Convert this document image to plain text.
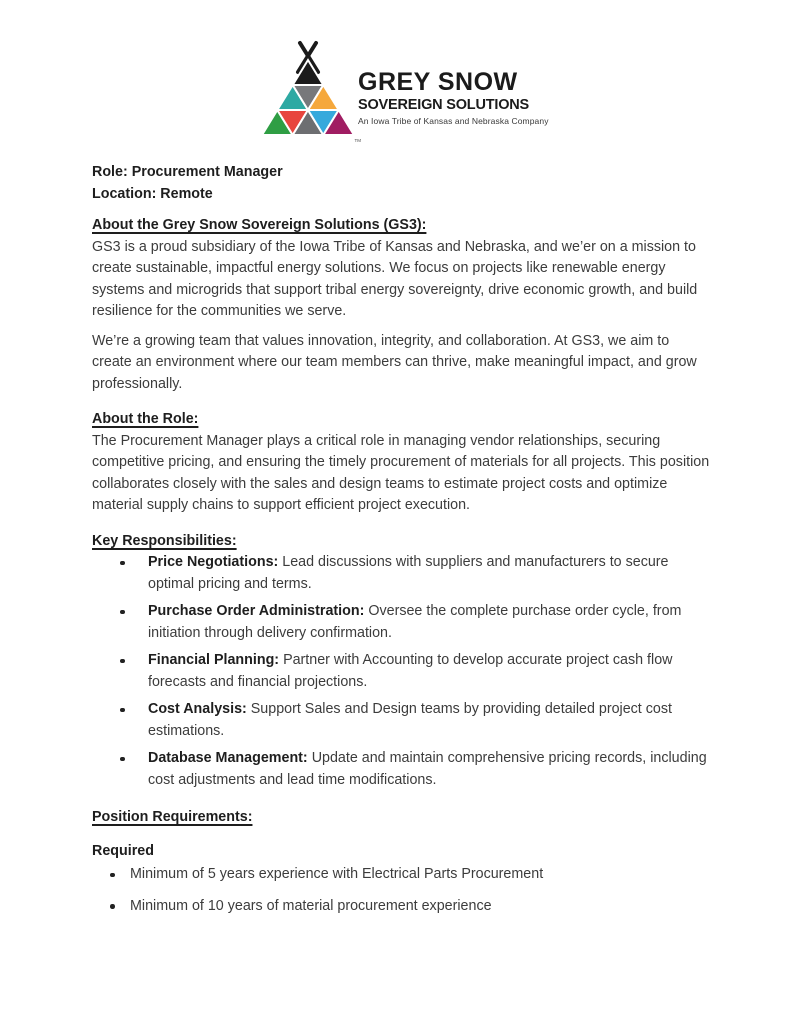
TM
GREY SNOW
SOVEREIGN SOLUTIONS
An Iowa Tribe of Kansas and Nebraska Company

Role: Procurement Manager

Location: Remote

About the Grey Snow Sovereign Solutions (GS3):

GS3 is a proud subsidiary of the Iowa Tribe of Kansas and Nebraska, and we’er on a mission to create sustainable, impactful energy solutions. We focus on projects like renewable energy systems and microgrids that support tribal energy sovereignty, drive economic growth, and build resilience for the communities we serve.

We’re a growing team that values innovation, integrity, and collaboration. At GS3, we aim to create an environment where our team members can thrive, make meaningful impact, and grow professionally.

About the Role:

The Procurement Manager plays a critical role in managing vendor relationships, securing competitive pricing, and ensuring the timely procurement of materials for all projects. This position collaborates closely with the sales and design teams to estimate project costs and optimize material supply chains to support efficient project execution.

Key Responsibilities:
Price Negotiations: Lead discussions with suppliers and manufacturers to secure optimal pricing and terms.
Purchase Order Administration: Oversee the complete purchase order cycle, from initiation through delivery confirmation.
Financial Planning: Partner with Accounting to develop accurate project cash flow forecasts and financial projections.
Cost Analysis: Support Sales and Design teams by providing detailed project cost estimations.
Database Management: Update and maintain comprehensive pricing records, including cost adjustments and lead time modifications.
Position Requirements:

Required

Minimum of 5 years experience with Electrical Parts Procurement
Minimum of 10 years of material procurement experience
